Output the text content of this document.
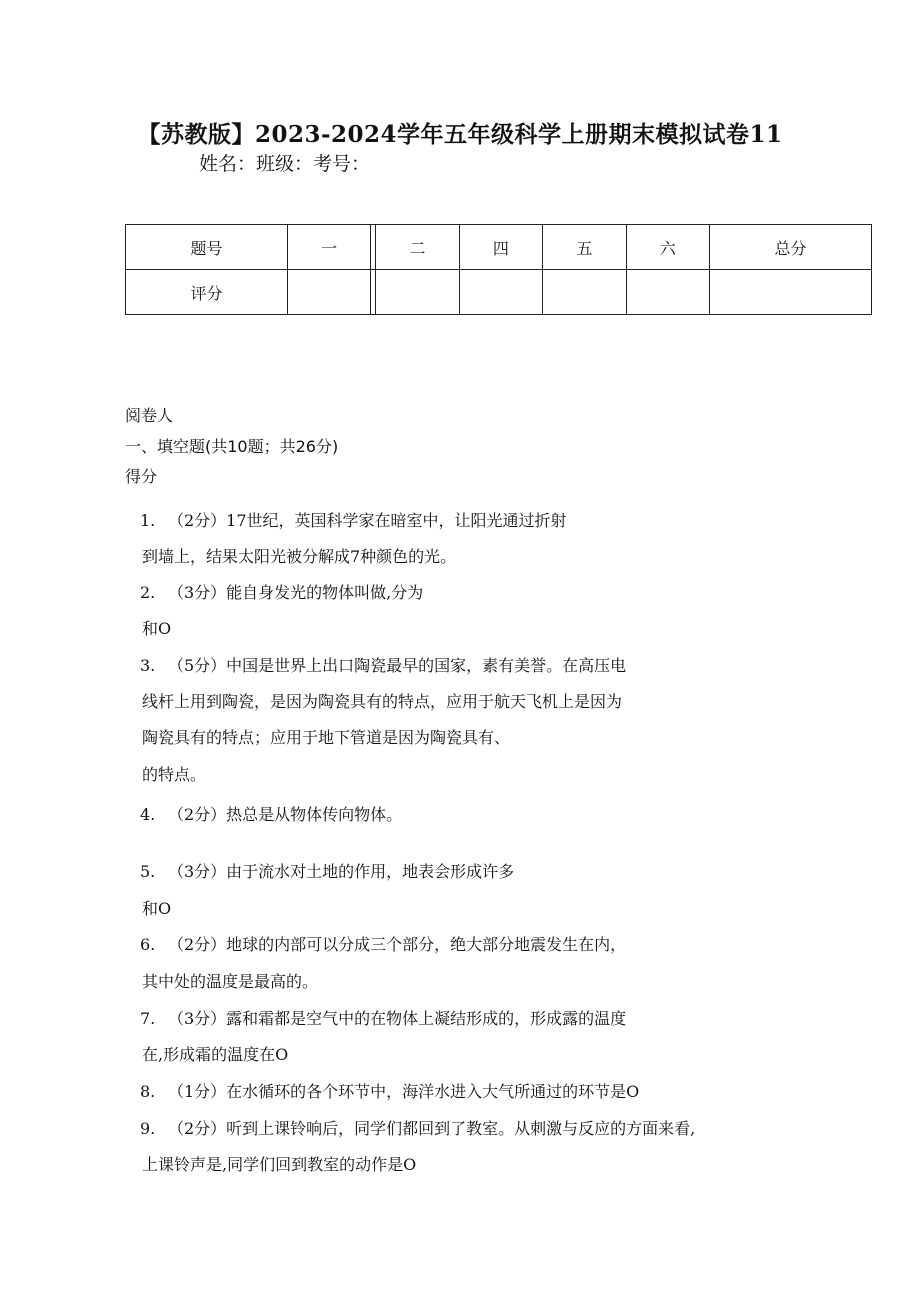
【苏教版】2023-2024学年五年级科学上册期末模拟试卷11
姓名：班级：考号：
题号	一		二	四	五	六	总分
评分							
阅卷人
一、填空题(共10题；共26分)
得分
1. （2分）17世纪，英国科学家在暗室中，让阳光通过折射
到墙上，结果太阳光被分解成7种颜色的光。
2. （3分）能自身发光的物体叫做,分为
和O
3. （5分）中国是世界上出口陶瓷最早的国家，素有美誉。在高压电
线杆上用到陶瓷，是因为陶瓷具有的特点，应用于航天飞机上是因为
陶瓷具有的特点；应用于地下管道是因为陶瓷具有、
的特点。
4. （2分）热总是从物体传向物体。
5. （3分）由于流水对土地的作用，地表会形成许多
和O
6. （2分）地球的内部可以分成三个部分，绝大部分地震发生在内，
其中处的温度是最高的。
7. （3分）露和霜都是空气中的在物体上凝结形成的，形成露的温度
在,形成霜的温度在O
8. （1分）在水循环的各个环节中，海洋水进入大气所通过的环节是O
9. （2分）听到上课铃响后，同学们都回到了教室。从刺激与反应的方面来看,
上课铃声是,同学们回到教室的动作是O
